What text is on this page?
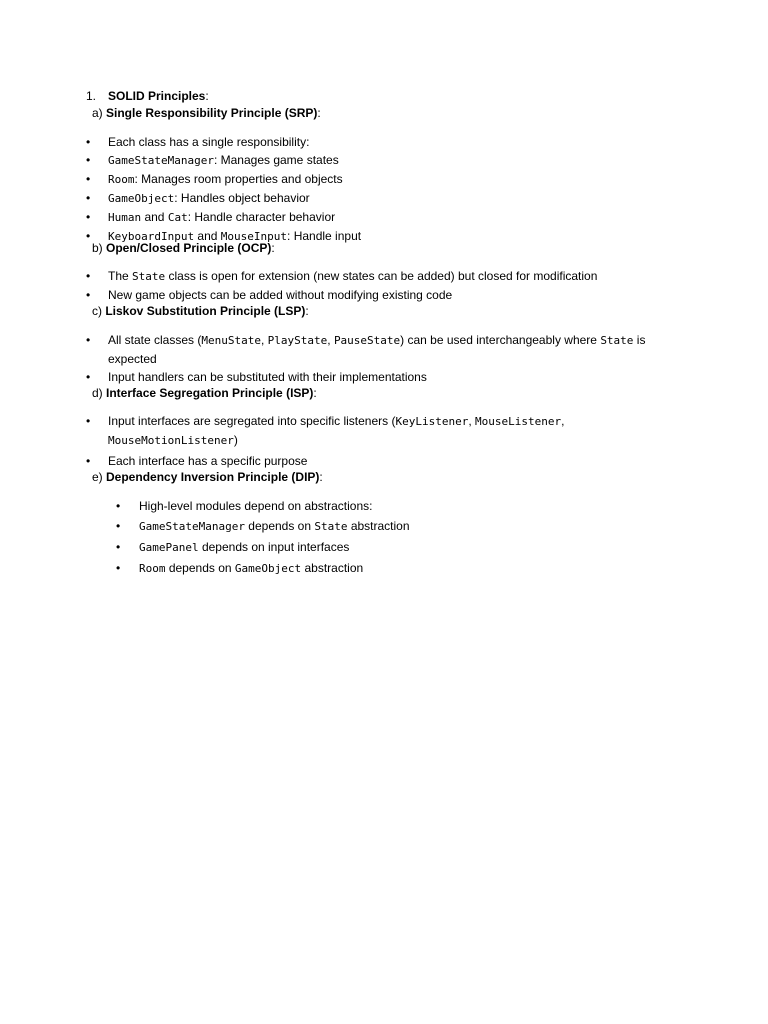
1. SOLID Principles:
a) Single Responsibility Principle (SRP):
• Each class has a single responsibility:
• GameStateManager: Manages game states
• Room: Manages room properties and objects
• GameObject: Handles object behavior
• Human and Cat: Handle character behavior
• KeyboardInput and MouseInput: Handle input
b) Open/Closed Principle (OCP):
• The State class is open for extension (new states can be added) but closed for modification
• New game objects can be added without modifying existing code
c) Liskov Substitution Principle (LSP):
• All state classes (MenuState, PlayState, PauseState) can be used interchangeably where State is expected
• Input handlers can be substituted with their implementations
d) Interface Segregation Principle (ISP):
• Input interfaces are segregated into specific listeners (KeyListener, MouseListener,
MouseMotionListener)
• Each interface has a specific purpose
e) Dependency Inversion Principle (DIP):
• High-level modules depend on abstractions:
• GameStateManager depends on State abstraction
• GamePanel depends on input interfaces
• Room depends on GameObject abstraction
